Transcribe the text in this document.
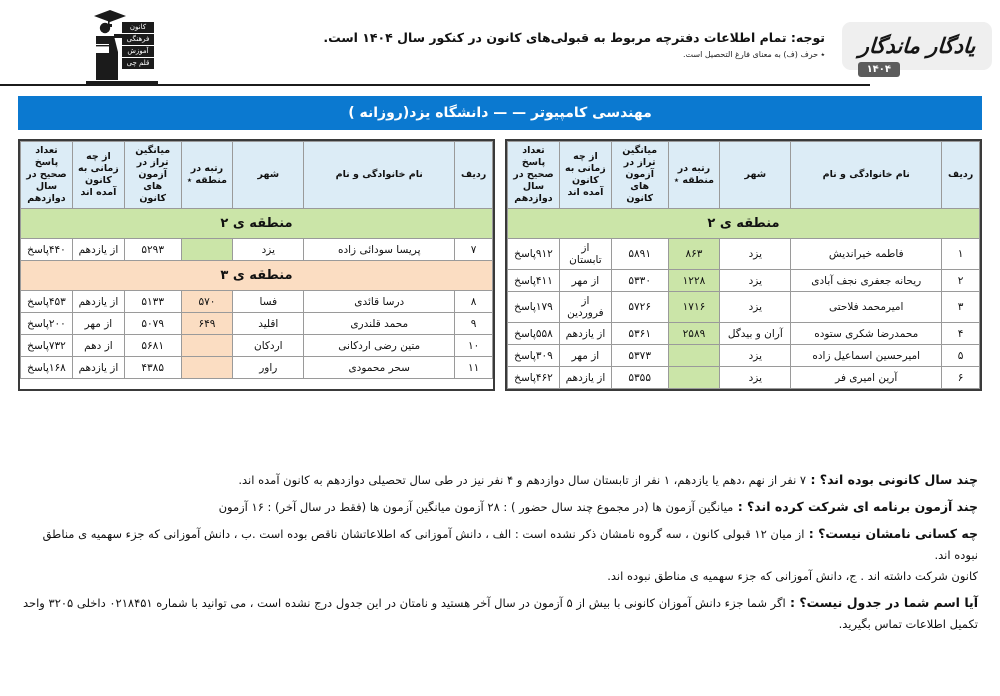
کانون
فرهنگی
آموزش
قلم چی
توجه: تمام اطلاعات دفترچه مربوط به قبولی‌های کانون در کنکور سال ۱۴۰۴ است.
٭ حرف (ف) به معنای فارغ التحصیل است. یادگار ماندگار
۱۴۰۴
مهندسی کامپیوتر — — دانشگاه یزد(روزانه )
ردیف	نام خانوادگی و نام	شهر	رتبه در منطقه ٭	میانگین تراز در آزمون های کانون	از چه زمانی به کانون آمده اند	تعداد پاسخ صحیح در سال دوازدهم
منطقه ی ۲						
۱	فاطمه خیراندیش	یزد	۸۶۳	۵۸۹۱	از تابستان	۹۱۲پاسخ
۲	ریحانه جعفری نجف آبادی	یزد	۱۲۲۸	۵۳۳۰	از مهر	۴۱۱پاسخ
۳	امیرمحمد فلاحتی	یزد	۱۷۱۶	۵۷۲۶	از فروردین	۱۷۹پاسخ
۴	محمدرضا شکری ستوده	آران و بیدگل	۲۵۸۹	۵۳۶۱	از یازدهم	۵۵۸پاسخ
۵	امیرحسین اسماعیل زاده	یزد		۵۳۷۳	از مهر	۳۰۹پاسخ
۶	آرین امیری فر	یزد		۵۳۵۵	از یازدهم	۴۶۲پاسخ
ردیف	نام خانوادگی و نام	شهر	رتبه در منطقه ٭	میانگین تراز در آزمون های کانون	از چه زمانی به کانون آمده اند	تعداد پاسخ صحیح در سال دوازدهم
منطقه ی ۲						
۷	پریسا سودائی زاده	یزد		۵۲۹۳	از یازدهم	۴۴۰پاسخ
منطقه ی ۳						
۸	درسا قائدی	فسا	۵۷۰	۵۱۳۳	از یازدهم	۴۵۳پاسخ
۹	محمد قلندری	اقلید	۶۴۹	۵۰۷۹	از مهر	۲۰۰پاسخ
۱۰	متین رضی اردکانی	اردکان		۵۶۸۱	از دهم	۷۳۲پاسخ
۱۱	سحر محمودی	راور		۴۳۸۵	از یازدهم	۱۶۸پاسخ
چند سال کانونی بوده اند؟ : ۷ نفر از نهم ،دهم یا یازدهم، ۱ نفر از تابستان سال دوازدهم و ۴ نفر نیز در طی سال تحصیلی دوازدهم به کانون آمده اند.
چند آزمون برنامه ای شرکت کرده اند؟ : میانگین آزمون ها (در مجموع چند سال حضور ) : ۲۸ آزمون میانگین آزمون ها (فقط در سال آخر) : ۱۶ آزمون
چه کسانی نامشان نیست؟ : از میان ۱۲ قبولی کانون ، سه گروه نامشان ذکر نشده است : الف ، دانش آموزانی که اطلاعاتشان ناقص بوده است .ب ، دانش آموزانی که جزء سهمیه ی مناطق نبوده اند.
کانون شرکت داشته اند . ج، دانش آموزانی که جزء سهمیه ی مناطق نبوده اند.
آیا اسم شما در جدول نیست؟ : اگر شما جزء دانش آموزان کانونی با بیش از ۵ آزمون در سال آخر هستید و نامتان در این جدول درج نشده است ، می توانید با شماره ۰۲۱۸۴۵۱ داخلی ۳۲۰۵ واحد
تکمیل اطلاعات تماس بگیرید.
